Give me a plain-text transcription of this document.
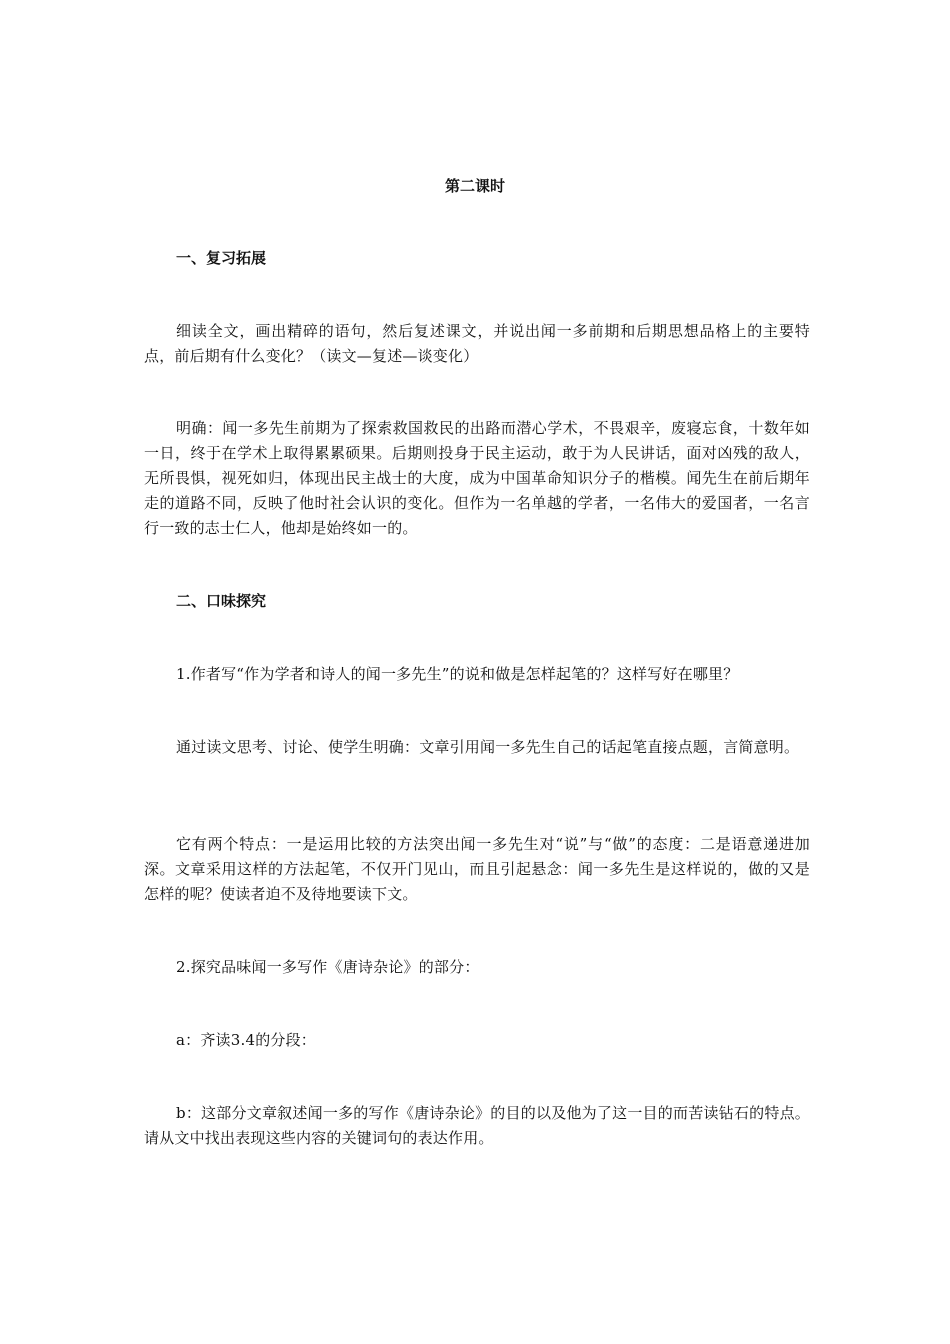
第二课时
一、复习拓展

细读全文，画出精碎的语句，然后复述课文，并说出闻一多前期和后期思想品格上的主要特点，前后期有什么变化？（读文—复述—谈变化）

明确：闻一多先生前期为了探索救国救民的出路而潜心学术，不畏艰辛，废寝忘食，十数年如一日，终于在学术上取得累累硕果。后期则投身于民主运动，敢于为人民讲话，面对凶残的敌人，无所畏惧，视死如归，体现出民主战士的大度，成为中国革命知识分子的楷模。闻先生在前后期年走的道路不同，反映了他时社会认识的变化。但作为一名单越的学者，一名伟大的爱国者，一名言行一致的志士仁人，他却是始终如一的。

二、口味探究

1.作者写“作为学者和诗人的闻一多先生”的说和做是怎样起笔的？这样写好在哪里？

通过读文思考、讨论、使学生明确：文章引用闻一多先生自己的话起笔直接点题，言简意明。

它有两个特点：一是运用比较的方法突出闻一多先生对“说”与“做”的态度：二是语意递进加深。文章采用这样的方法起笔，不仅开门见山，而且引起悬念：闻一多先生是这样说的，做的又是怎样的呢？使读者迫不及待地要读下文。

2.探究品味闻一多写作《唐诗杂论》的部分：

a：齐读3.4的分段：

b：这部分文章叙述闻一多的写作《唐诗杂论》的目的以及他为了这一目的而苦读钻石的特点。请从文中找出表现这些内容的关键词句的表达作用。
